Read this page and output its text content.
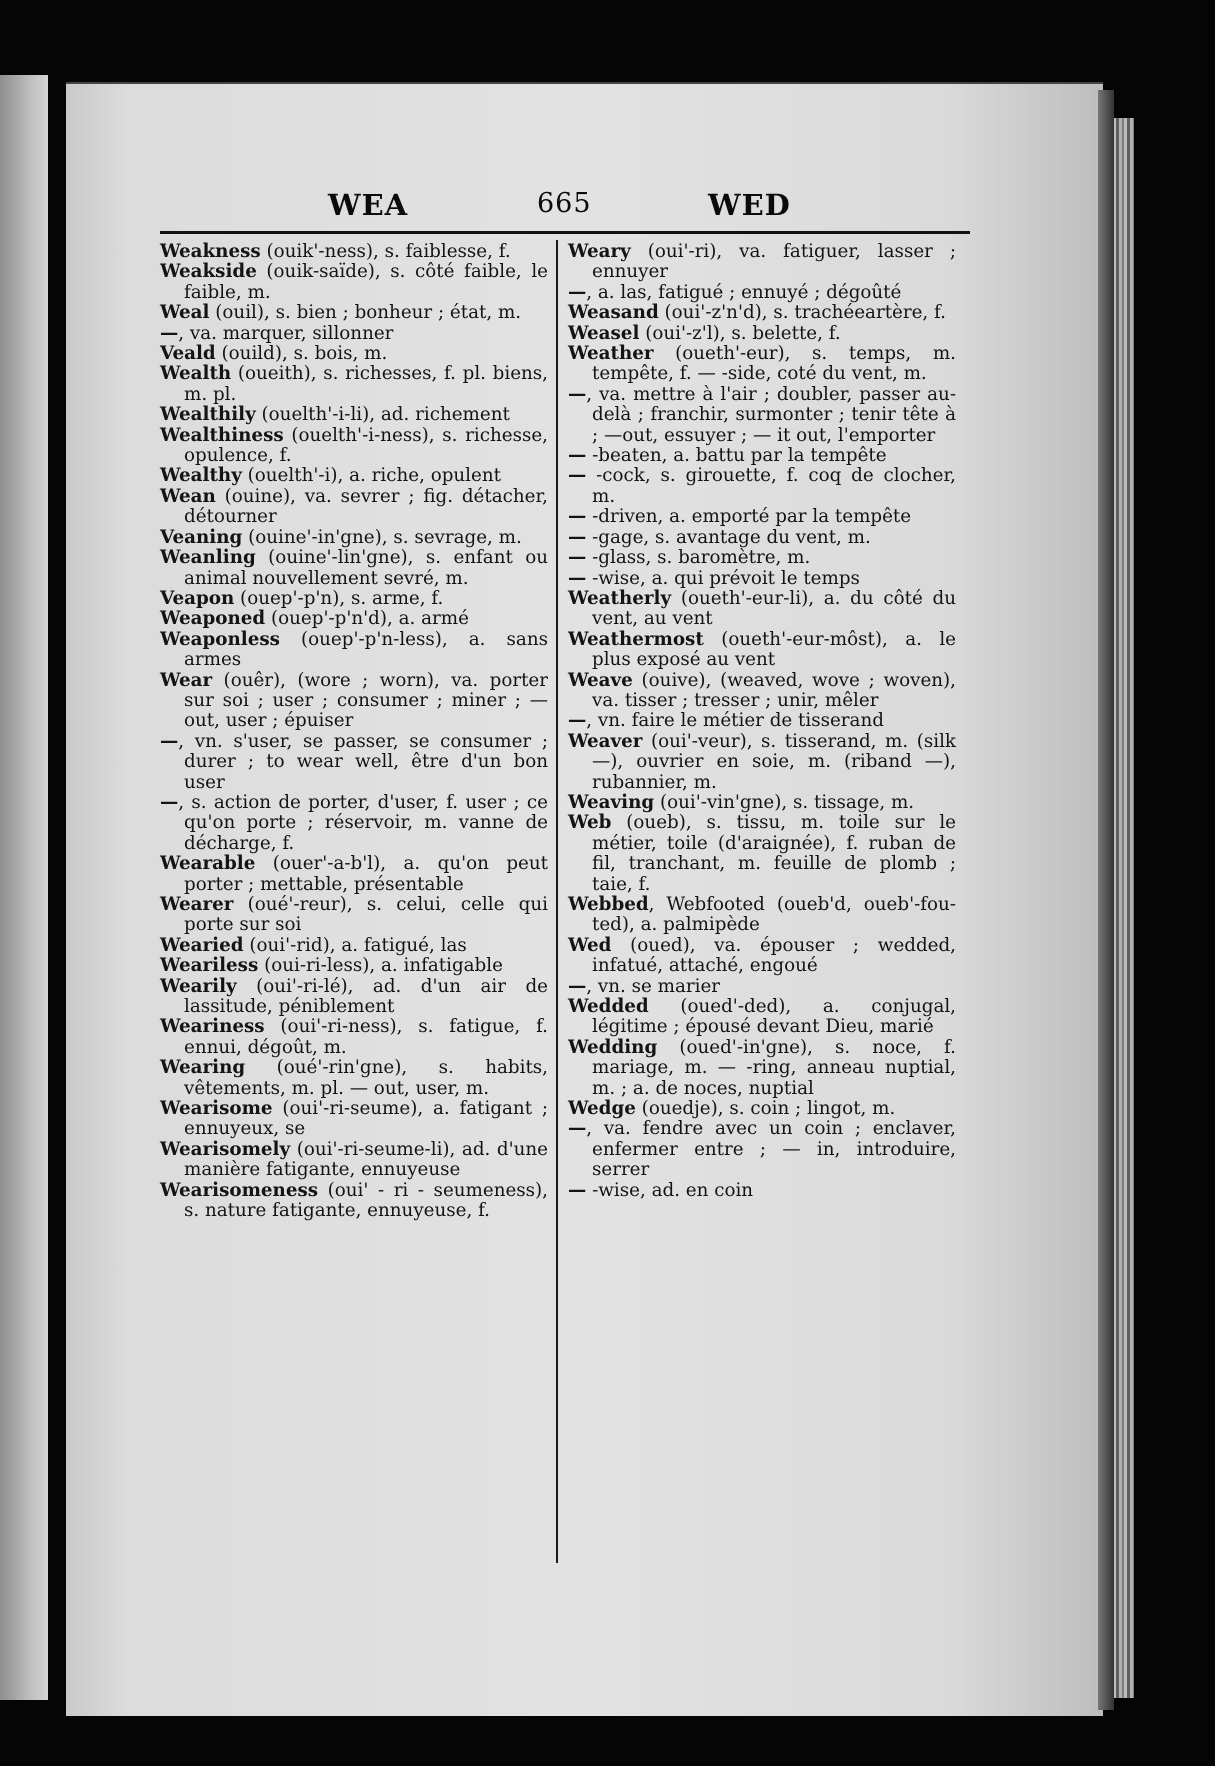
WEA	665	WED
Weakness (ouik'-ness), s. faiblesse, f.
Weakside (ouik-saïde), s. côté faible, le faible, m.
Weal (ouil), s. bien ; bonheur ; état, m.
—, va. marquer, sillonner
Veald (ouild), s. bois, m.
Wealth (oueith), s. richesses, f. pl. biens, m. pl.
Wealthily (ouelth'-i-li), ad. richement
Wealthiness (ouelth'-i-ness), s. richesse, opulence, f.
Wealthy (ouelth'-i), a. riche, opulent
Wean (ouine), va. sevrer ; fig. détacher, détourner
Veaning (ouine'-in'gne), s. sevrage, m.
Weanling (ouine'-lin'gne), s. enfant ou animal nouvellement sevré, m.
Veapon (ouep'-p'n), s. arme, f.
Weaponed (ouep'-p'n'd), a. armé
Weaponless (ouep'-p'n-less), a. sans armes
Wear (ouêr), (wore ; worn), va. porter sur soi ; user ; consumer ; miner ; — out, user ; épuiser
—, vn. s'user, se passer, se consumer ; durer ; to wear well, être d'un bon user
—, s. action de porter, d'user, f. user ; ce qu'on porte ; réservoir, m. vanne de décharge, f.
Wearable (ouer'-a-b'l), a. qu'on peut porter ; mettable, présentable
Wearer (oué'-reur), s. celui, celle qui porte sur soi
Wearied (oui'-rid), a. fatigué, las
Weariless (oui-ri-less), a. infatigable
Wearily (oui'-ri-lé), ad. d'un air de lassitude, péniblement
Weariness (oui'-ri-ness), s. fatigue, f. ennui, dégoût, m.
Wearing (oué'-rin'gne), s. habits, vêtements, m. pl. — out, user, m.
Wearisome (oui'-ri-seume), a. fatigant ; ennuyeux, se
Wearisomely (oui'-ri-seume-li), ad. d'une manière fatigante, ennuyeuse
Wearisomeness (oui' - ri - seumeness), s. nature fatigante, ennuyeuse, f.
Weary (oui'-ri), va. fatiguer, lasser ; ennuyer
—, a. las, fatigué ; ennuyé ; dégoûté
Weasand (oui'-z'n'd), s. trachéeartère, f.
Weasel (oui'-z'l), s. belette, f.
Weather (oueth'-eur), s. temps, m. tempête, f. — -side, coté du vent, m.
—, va. mettre à l'air ; doubler, passer au-delà ; franchir, surmonter ; tenir tête à ; —out, essuyer ; — it out, l'emporter
— -beaten, a. battu par la tempête
— -cock, s. girouette, f. coq de clocher, m.
— -driven, a. emporté par la tempête
— -gage, s. avantage du vent, m.
— -glass, s. baromètre, m.
— -wise, a. qui prévoit le temps
Weatherly (oueth'-eur-li), a. du côté du vent, au vent
Weathermost (oueth'-eur-môst), a. le plus exposé au vent
Weave (ouive), (weaved, wove ; woven), va. tisser ; tresser ; unir, mêler
—, vn. faire le métier de tisserand
Weaver (oui'-veur), s. tisserand, m. (silk —), ouvrier en soie, m. (riband —), rubannier, m.
Weaving (oui'-vin'gne), s. tissage, m.
Web (oueb), s. tissu, m. toile sur le métier, toile (d'araignée), f. ruban de fil, tranchant, m. feuille de plomb ; taie, f.
Webbed, Webfooted (oueb'd, oueb'-fou-ted), a. palmipède
Wed (oued), va. épouser ; wedded, infatué, attaché, engoué
—, vn. se marier
Wedded (oued'-ded), a. conjugal, légitime ; épousé devant Dieu, marié
Wedding (oued'-in'gne), s. noce, f. mariage, m. — -ring, anneau nuptial, m. ; a. de noces, nuptial
Wedge (ouedje), s. coin ; lingot, m.
—, va. fendre avec un coin ; enclaver, enfermer entre ; — in, introduire, serrer
— -wise, ad. en coin
